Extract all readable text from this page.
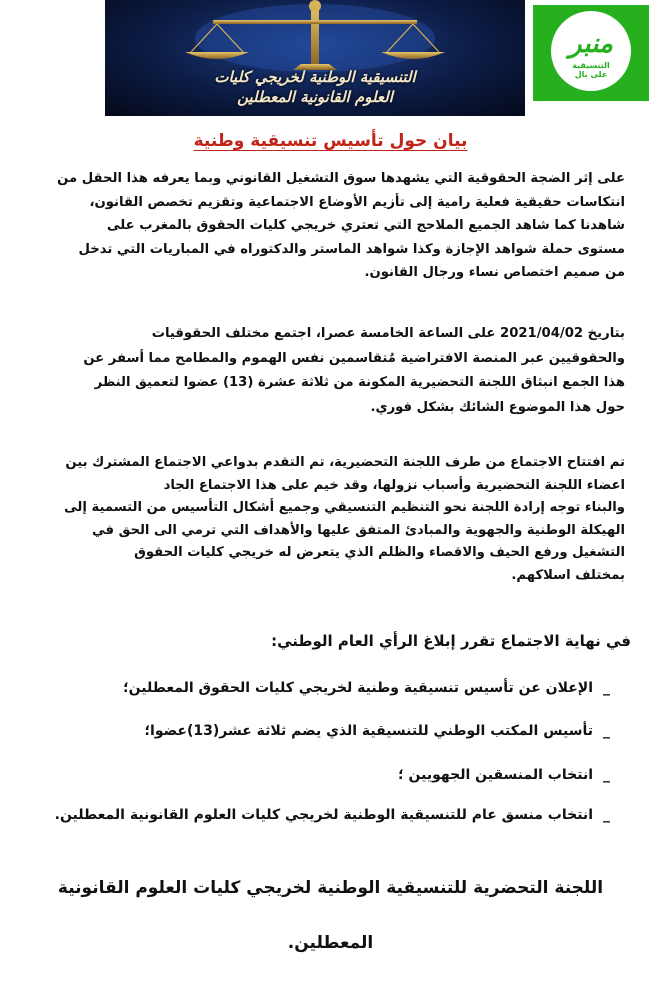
التنسيقية الوطنية لخريجي كليات
العلوم القانونية المعطلين
منبر
التنسيقية
على بال
بيان حول تأسيس تنسيقية وطنية
على إثر الضجة الحقوقية التي يشهدها سوق التشغيل القانوني وبما يعرفه هذا الحقل من
انتكاسات حقيقية فعلية رامية إلى تأزيم الأوضاع الاجتماعية وتقزيم تخصص القانون،
شاهدنا كما شاهد الجميع الملاحج التي تعتري خريجي كليات الحقوق بالمغرب على
مستوى حملة شواهد الإجازة وكذا شواهد الماستر والدكتوراه في المباريات التي تدخل
من صميم اختصاص نساء ورجال القانون.
بتاريخ 2021/04/02 على الساعة الخامسة عصرا، اجتمع مختلف الحقوقيات
والحقوقيين عبر المنصة الافتراضية مُتقاسمين نفس الهموم والمطامح مما أسفر عن
هذا الجمع انبثاق اللجنة التحضيرية المكونة من ثلاثة عشرة (13) عضوا لتعميق النظر
حول هذا الموضوع الشائك بشكل فوري.
تم افتتاح الاجتماع من طرف اللجنة التحضيرية، تم التقدم بدواعي الاجتماع المشترك بين
اعضاء اللجنة التحضيرية وأسباب نزولها، وقد خيم على هذا الاجتماع الجاد
والبناء توجه إرادة اللجنة نحو التنظيم التنسيقي وجميع أشكال التأسيس من التسمية إلى
الهيكلة الوطنية والجهوية والمبادئ المتفق عليها والأهداف التي ترمي الى الحق في
التشغيل ورفع الحيف والاقصاء والظلم الذي يتعرض له خريجي كليات الحقوق
بمختلف اسلاكهم.
في نهاية الاجتماع تقرر إبلاغ الرأي العام الوطني:
_الإعلان عن تأسيس تنسيقية وطنية لخريجي كليات الحقوق المعطلين؛
_تأسيس المكتب الوطني للتنسيقية الذي يضم ثلاثة عشر(13)عضوا؛
_انتخاب المنسقين الجهويين ؛
_انتخاب منسق عام للتنسيقية الوطنية لخريجي كليات العلوم القانونية المعطلين.
اللجنة التحضرية للتنسيقية الوطنية لخريجي كليات العلوم القانونية
المعطلين.
